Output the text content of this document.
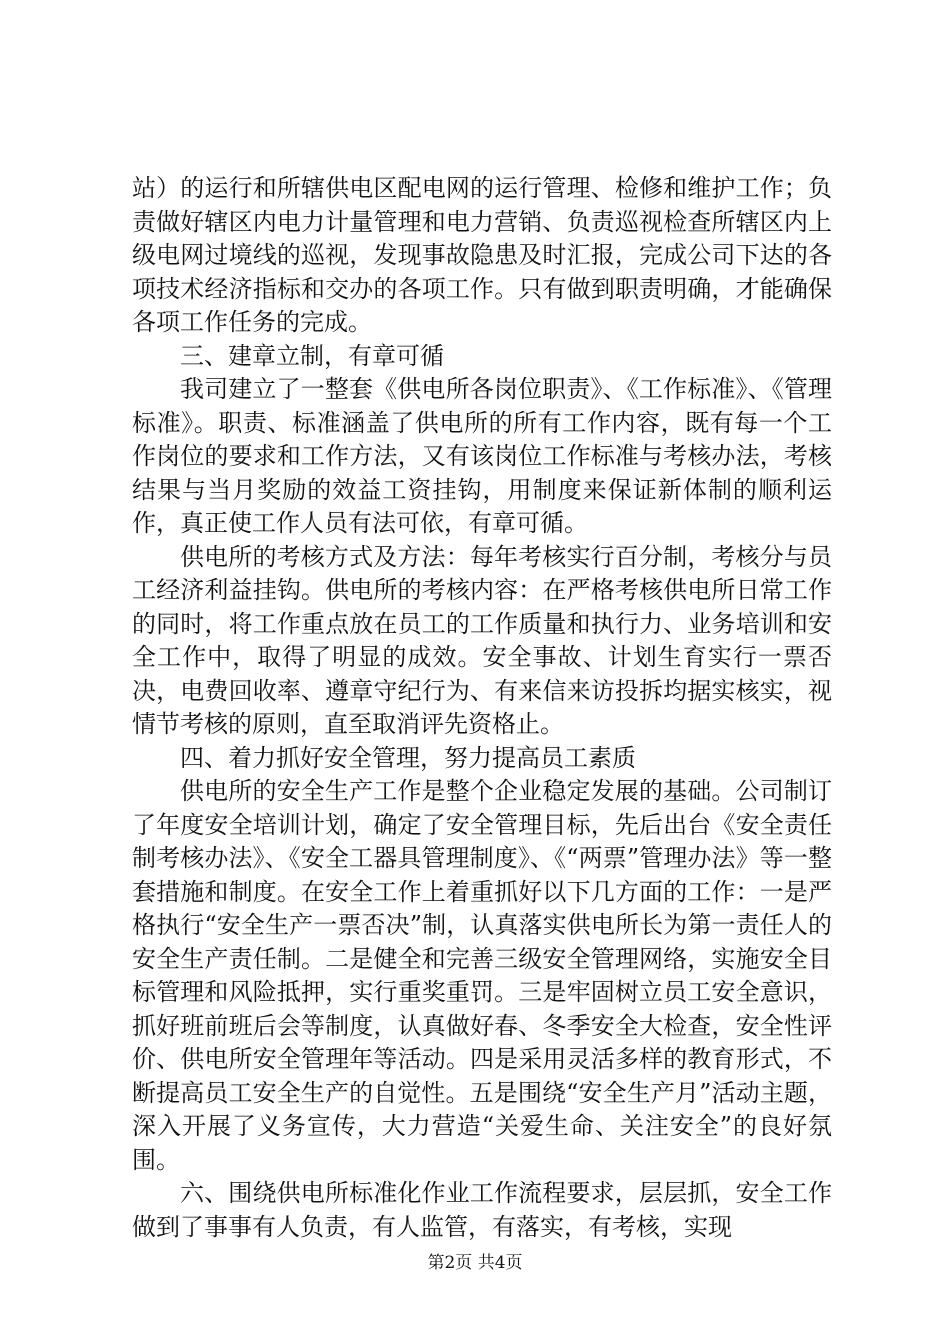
站）的运行和所辖供电区配电网的运行管理、检修和维护工作；负责做好辖区内电力计量管理和电力营销、负责巡视检查所辖区内上级电网过境线的巡视，发现事故隐患及时汇报，完成公司下达的各项技术经济指标和交办的各项工作。只有做到职责明确，才能确保各项工作任务的完成。

三、建章立制，有章可循

我司建立了一整套《供电所各岗位职责》、《工作标准》、《管理标准》。职责、标准涵盖了供电所的所有工作内容，既有每一个工作岗位的要求和工作方法，又有该岗位工作标准与考核办法，考核结果与当月奖励的效益工资挂钩，用制度来保证新体制的顺利运作，真正使工作人员有法可依，有章可循。

供电所的考核方式及方法：每年考核实行百分制，考核分与员工经济利益挂钩。供电所的考核内容：在严格考核供电所日常工作的同时，将工作重点放在员工的工作质量和执行力、业务培训和安全工作中，取得了明显的成效。安全事故、计划生育实行一票否决，电费回收率、遵章守纪行为、有来信来访投拆均据实核实，视情节考核的原则，直至取消评先资格止。

四、着力抓好安全管理，努力提高员工素质

供电所的安全生产工作是整个企业稳定发展的基础。公司制订了年度安全培训计划，确定了安全管理目标，先后出台《安全责任制考核办法》、《安全工器具管理制度》、《“两票”管理办法》等一整套措施和制度。在安全工作上着重抓好以下几方面的工作：一是严格执行“安全生产一票否决”制，认真落实供电所长为第一责任人的安全生产责任制。二是健全和完善三级安全管理网络，实施安全目标管理和风险抵押，实行重奖重罚。三是牢固树立员工安全意识，抓好班前班后会等制度，认真做好春、冬季安全大检查，安全性评价、供电所安全管理年等活动。四是采用灵活多样的教育形式，不断提高员工安全生产的自觉性。五是围绕“安全生产月”活动主题，深入开展了义务宣传，大力营造“关爱生命、关注安全”的良好氛围。

六、围绕供电所标准化作业工作流程要求，层层抓，安全工作做到了事事有人负责，有人监管，有落实，有考核，实现

第2页 共4页
